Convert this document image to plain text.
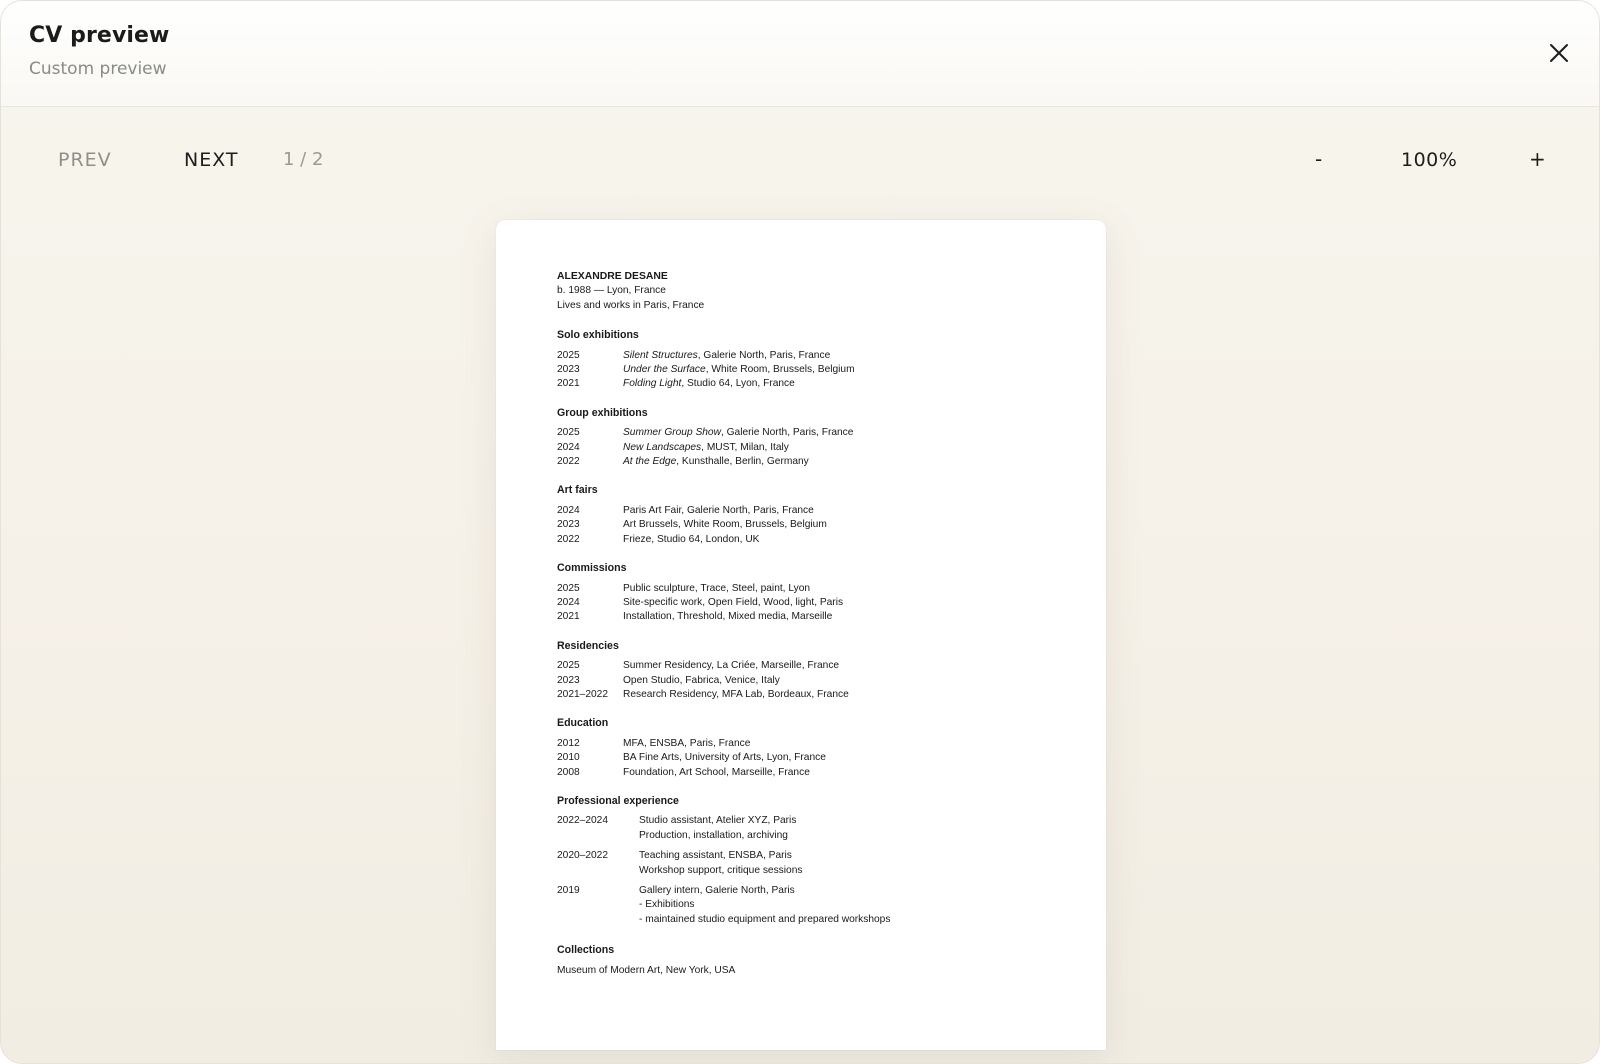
CV preview
Custom preview
PREV	NEXT 1 / 2	-	100%	+
ALEXANDRE DESANE
b. 1988 — Lyon, France
Lives and works in Paris, France
Solo exhibitions
2025	Silent Structures, Galerie North, Paris, France
2023	Under the Surface, White Room, Brussels, Belgium
2021	Folding Light, Studio 64, Lyon, France
Group exhibitions
2025	Summer Group Show, Galerie North, Paris, France
2024	New Landscapes, MUST, Milan, Italy
2022	At the Edge, Kunsthalle, Berlin, Germany
Art fairs
2024	Paris Art Fair, Galerie North, Paris, France
2023	Art Brussels, White Room, Brussels, Belgium
2022	Frieze, Studio 64, London, UK
Commissions
2025	Public sculpture, Trace, Steel, paint, Lyon
2024	Site-specific work, Open Field, Wood, light, Paris
2021	Installation, Threshold, Mixed media, Marseille
Residencies
2025	Summer Residency, La Criée, Marseille, France
2023	Open Studio, Fabrica, Venice, Italy
2021–2022	Research Residency, MFA Lab, Bordeaux, France
Education
2012	MFA, ENSBA, Paris, France
2010	BA Fine Arts, University of Arts, Lyon, France
2008	Foundation, Art School, Marseille, France
Professional experience
2022–2024	Studio assistant, Atelier XYZ, Paris
Production, installation, archiving
2020–2022	Teaching assistant, ENSBA, Paris
Workshop support, critique sessions
2019	Gallery intern, Galerie North, Paris
- Exhibitions
- maintained studio equipment and prepared workshops
Collections
Museum of Modern Art, New York, USA
